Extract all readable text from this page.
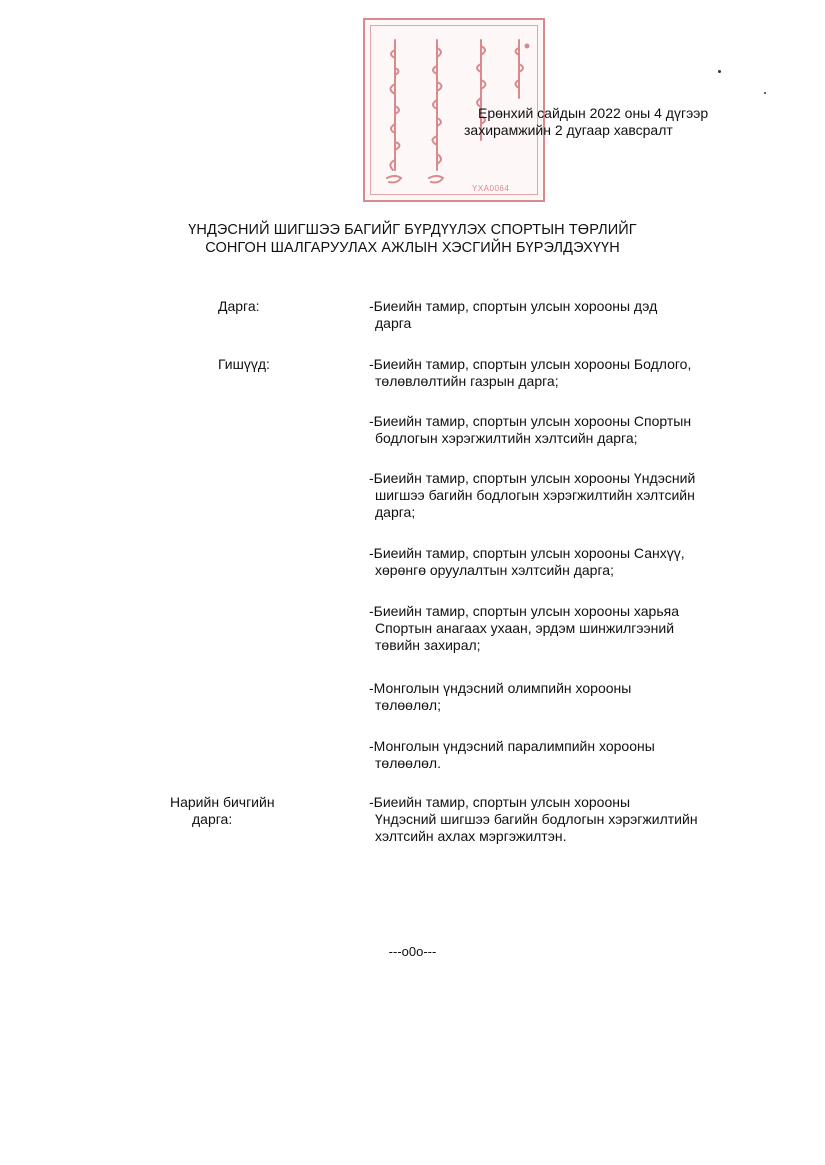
YXA0064
Ерөнхий сайдын 2022 оны 4 дүгээр
захирамжийн 2 дугаар хавсралт
ҮНДЭСНИЙ ШИГШЭЭ БАГИЙГ БҮРДҮҮЛЭХ СПОРТЫН ТӨРЛИЙГ
СОНГОН ШАЛГАРУУЛАХ АЖЛЫН ХЭСГИЙН БҮРЭЛДЭХҮҮН
Дарга:	-Биеийн тамир, спортын улсын хорооны дэд
дарга
Гишүүд:	-Биеийн тамир, спортын улсын хорооны Бодлого,
төлөвлөлтийн газрын дарга;
-Биеийн тамир, спортын улсын хорооны Спортын
бодлогын хэрэгжилтийн хэлтсийн дарга;
-Биеийн тамир, спортын улсын хорооны Үндэсний
шигшээ багийн бодлогын хэрэгжилтийн хэлтсийн
дарга;
-Биеийн тамир, спортын улсын хорооны Санхүү,
хөрөнгө оруулалтын хэлтсийн дарга;
-Биеийн тамир, спортын улсын хорооны харьяа
Спортын анагаах ухаан, эрдэм шинжилгээний
төвийн захирал;
-Монголын үндэсний олимпийн хорооны
төлөөлөл;
-Монголын үндэсний паралимпийн хорооны
төлөөлөл.
Нарийн бичгийн
дарга:
-Биеийн тамир, спортын улсын хорооны
Үндэсний шигшээ багийн бодлогын хэрэгжилтийн
хэлтсийн ахлах мэргэжилтэн.
---o0o---
